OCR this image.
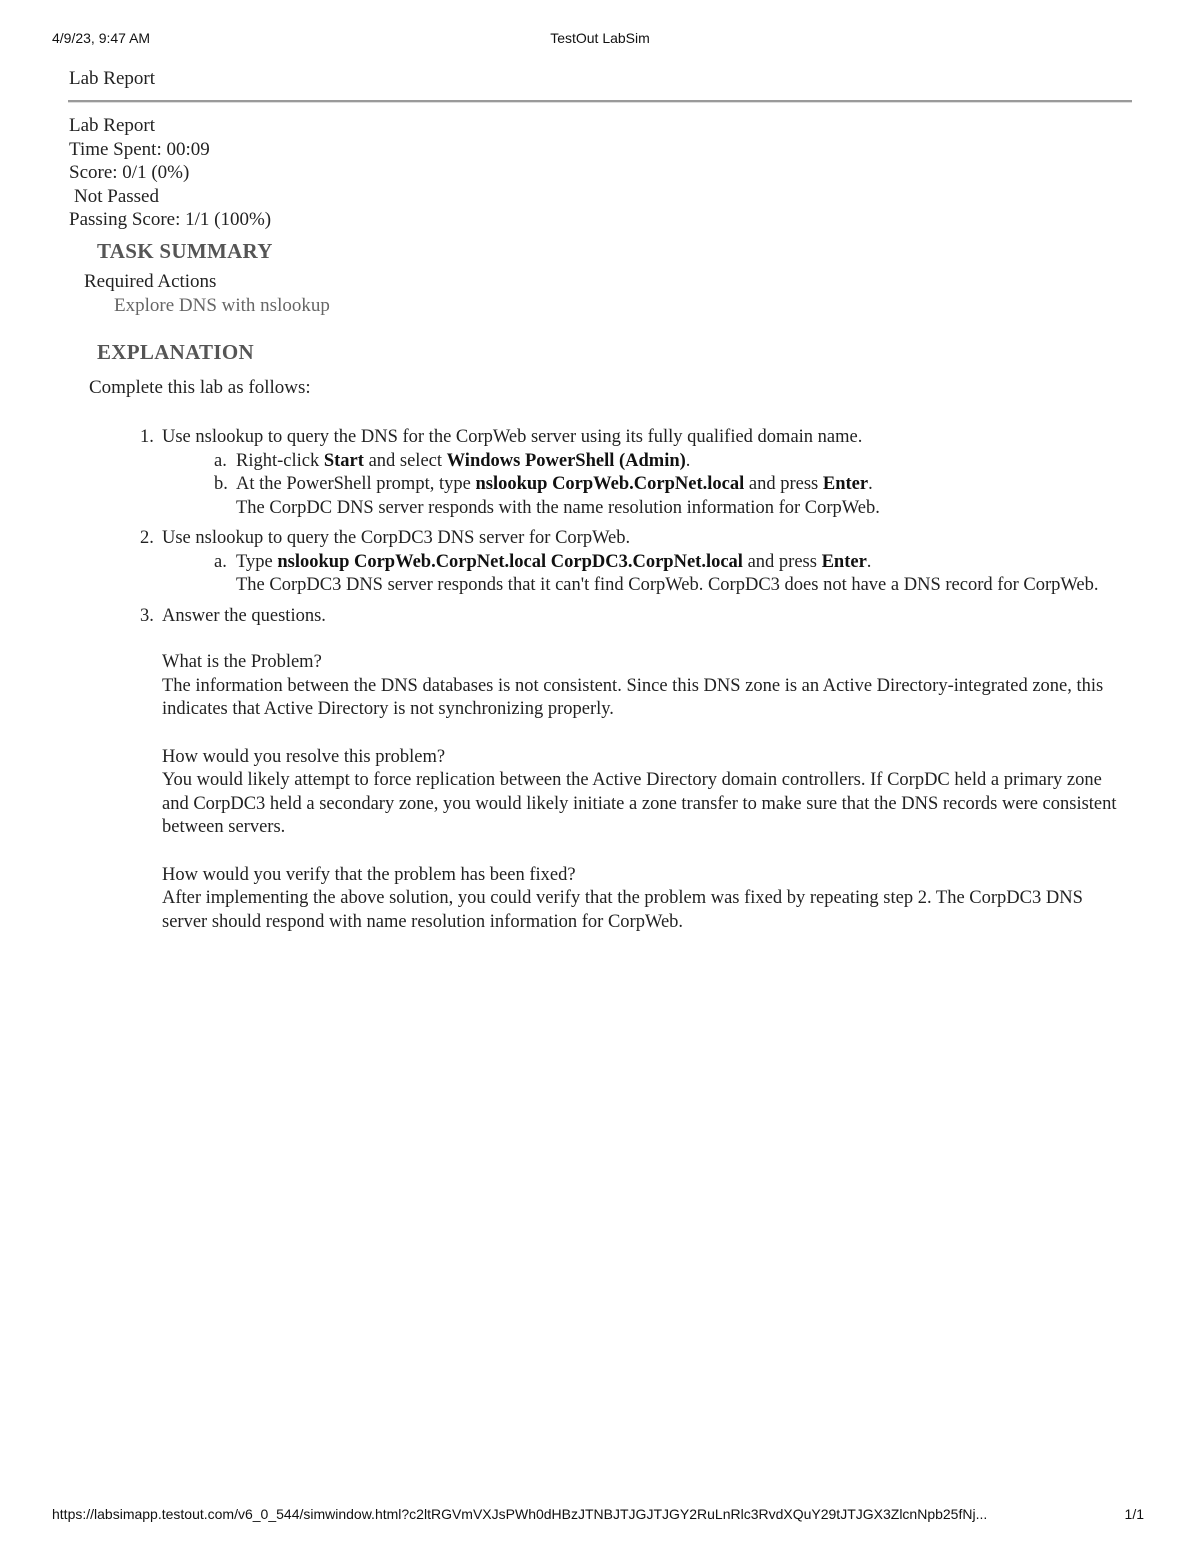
4/9/23, 9:47 AM	TestOut LabSim
Lab Report
Lab Report
Time Spent: 00:09
Score: 0/1 (0%)
Not Passed
Passing Score: 1/1 (100%)
TASK SUMMARY
Required Actions
Explore DNS with nslookup
EXPLANATION
Complete this lab as follows:
1. Use nslookup to query the DNS for the CorpWeb server using its fully qualified domain name.
a. Right-click Start and select Windows PowerShell (Admin).
b. At the PowerShell prompt, type nslookup CorpWeb.CorpNet.local and press Enter.
The CorpDC DNS server responds with the name resolution information for CorpWeb.
2. Use nslookup to query the CorpDC3 DNS server for CorpWeb.
a. Type nslookup CorpWeb.CorpNet.local CorpDC3.CorpNet.local and press Enter.
The CorpDC3 DNS server responds that it can't find CorpWeb. CorpDC3 does not have a DNS record for CorpWeb.
3. Answer the questions.
What is the Problem?
The information between the DNS databases is not consistent. Since this DNS zone is an Active Directory-integrated zone, this indicates that Active Directory is not synchronizing properly.
How would you resolve this problem?
You would likely attempt to force replication between the Active Directory domain controllers. If CorpDC held a primary zone and CorpDC3 held a secondary zone, you would likely initiate a zone transfer to make sure that the DNS records were consistent between servers.
How would you verify that the problem has been fixed?
After implementing the above solution, you could verify that the problem was fixed by repeating step 2. The CorpDC3 DNS server should respond with name resolution information for CorpWeb.
https://labsimapp.testout.com/v6_0_544/simwindow.html?c2ltRGVmVXJsPWh0dHBzJTNBJTJGJTJGY2RuLnRlc3RvdXQuY29tJTJGX3ZlcnNpb25fNj...	1/1
